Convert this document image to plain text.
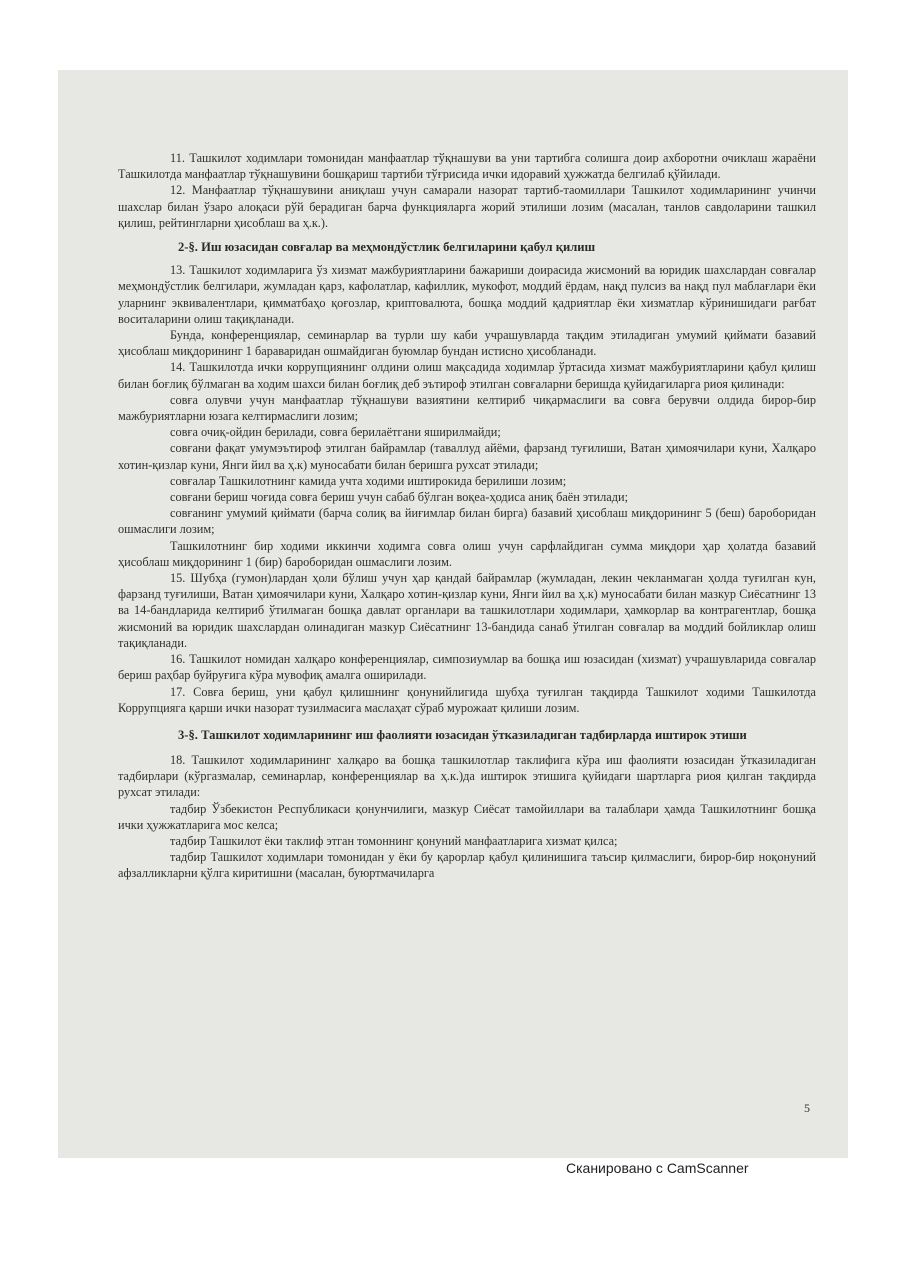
11. Ташкилот ходимлари томонидан манфаатлар тўқнашуви ва уни тартибга солишга доир ахборотни очиклаш жараёни Ташкилотда манфаатлар тўқнашувини бошқариш тартиби тўғрисида ички идоравий ҳужжатда белгилаб қўйилади.

12. Манфаатлар тўқнашувини аниқлаш учун самарали назорат тартиб-таомиллари Ташкилот ходимларининг учинчи шахслар билан ўзаро алоқаси рўй берадиган барча функцияларга жорий этилиши лозим (масалан, танлов савдоларини ташкил қилиш, рейтингларни ҳисоблаш ва ҳ.к.).

2-§. Иш юзасидан совғалар ва меҳмондўстлик белгиларини қабул қилиш

13. Ташкилот ходимларига ўз хизмат мажбуриятларини бажариши доирасида жисмоний ва юридик шахслардан совғалар меҳмондўстлик белгилари, жумладан қарз, кафолатлар, кафиллик, мукофот, моддий ёрдам, нақд пулсиз ва нақд пул маблағлари ёки уларнинг эквивалентлари, қимматбаҳо қоғозлар, криптовалюта, бошқа моддий қадриятлар ёки хизматлар кўринишидаги рағбат воситаларини олиш тақиқланади.

Бунда, конференциялар, семинарлар ва турли шу каби учрашувларда тақдим этиладиган умумий қиймати базавий ҳисоблаш миқдорининг 1 бараваридан ошмайдиган буюмлар бундан истисно ҳисобланади.

14. Ташкилотда ички коррупциянинг олдини олиш мақсадида ходимлар ўртасида хизмат мажбуриятларини қабул қилиш билан боғлиқ бўлмаган ва ходим шахси билан боғлиқ деб эътироф этилган совғаларни беришда қуйидагиларга риоя қилинади:

совға олувчи учун манфаатлар тўқнашуви вазиятини келтириб чиқармаслиги ва совға берувчи олдида бирор-бир мажбуриятларни юзага келтирмаслиги лозим;

совға очиқ-ойдин берилади, совға берилаётгани яширилмайди;

совғани фақат умумэътироф этилган байрамлар (таваллуд айёми, фарзанд туғилиши, Ватан ҳимоячилари куни, Халқаро хотин-қизлар куни, Янги йил ва ҳ.к) муносабати билан беришга рухсат этилади;

совғалар Ташкилотнинг камида учта ходими иштирокида берилиши лозим;

совғани бериш чоғида совға бериш учун сабаб бўлган воқеа-ҳодиса аниқ баён этилади;

совғанинг умумий қиймати (барча солиқ ва йиғимлар билан бирга) базавий ҳисоблаш миқдорининг 5 (беш) бароборидан ошмаслиги лозим;

Ташкилотнинг бир ходими иккинчи ходимга совға олиш учун сарфлайдиган сумма миқдори ҳар ҳолатда базавий ҳисоблаш миқдорининг 1 (бир) бароборидан ошмаслиги лозим.

15. Шубҳа (гумон)лардан ҳоли бўлиш учун ҳар қандай байрамлар (жумладан, лекин чекланмаган ҳолда туғилган кун, фарзанд туғилиши, Ватан ҳимоячилари куни, Халқаро хотин-қизлар куни, Янги йил ва ҳ.к) муносабати билан мазкур Сиёсатнинг 13 ва 14-бандларида келтириб ўтилмаган бошқа давлат органлари ва ташкилотлари ходимлари, ҳамкорлар ва контрагентлар, бошқа жисмоний ва юридик шахслардан олинадиган мазкур Сиёсатнинг 13-бандида санаб ўтилган совғалар ва моддий бойликлар олиш тақиқланади.

16. Ташкилот номидан халқаро конференциялар, симпозиумлар ва бошқа иш юзасидан (хизмат) учрашувларида совғалар бериш раҳбар буйруғига кўра мувофиқ амалга оширилади.

17. Совға бериш, уни қабул қилишнинг қонунийлигида шубҳа туғилган тақдирда Ташкилот ходими Ташкилотда Коррупцияга қарши ички назорат тузилмасига маслаҳат сўраб мурожаат қилиши лозим.

3-§. Ташкилот ходимларининг иш фаолияти юзасидан ўтказиладиган тадбирларда иштирок этиши

18. Ташкилот ходимларининг халқаро ва бошқа ташкилотлар таклифига кўра иш фаолияти юзасидан ўтказиладиган тадбирлари (кўргазмалар, семинарлар, конференциялар ва ҳ.к.)да иштирок этишига қуйидаги шартларга риоя қилган тақдирда рухсат этилади:

тадбир Ўзбекистон Республикаси қонунчилиги, мазкур Сиёсат тамойиллари ва талаблари ҳамда Ташкилотнинг бошқа ички ҳужжатларига мос келса;

тадбир Ташкилот ёки таклиф этган томоннинг қонуний манфаатларига хизмат қилса;

тадбир Ташкилот ходимлари томонидан у ёки бу қарорлар қабул қилинишига таъсир қилмаслиги, бирор-бир ноқонуний афзалликларни қўлга киритишни (масалан, буюртмачиларга

5
Сканировано с CamScanner
